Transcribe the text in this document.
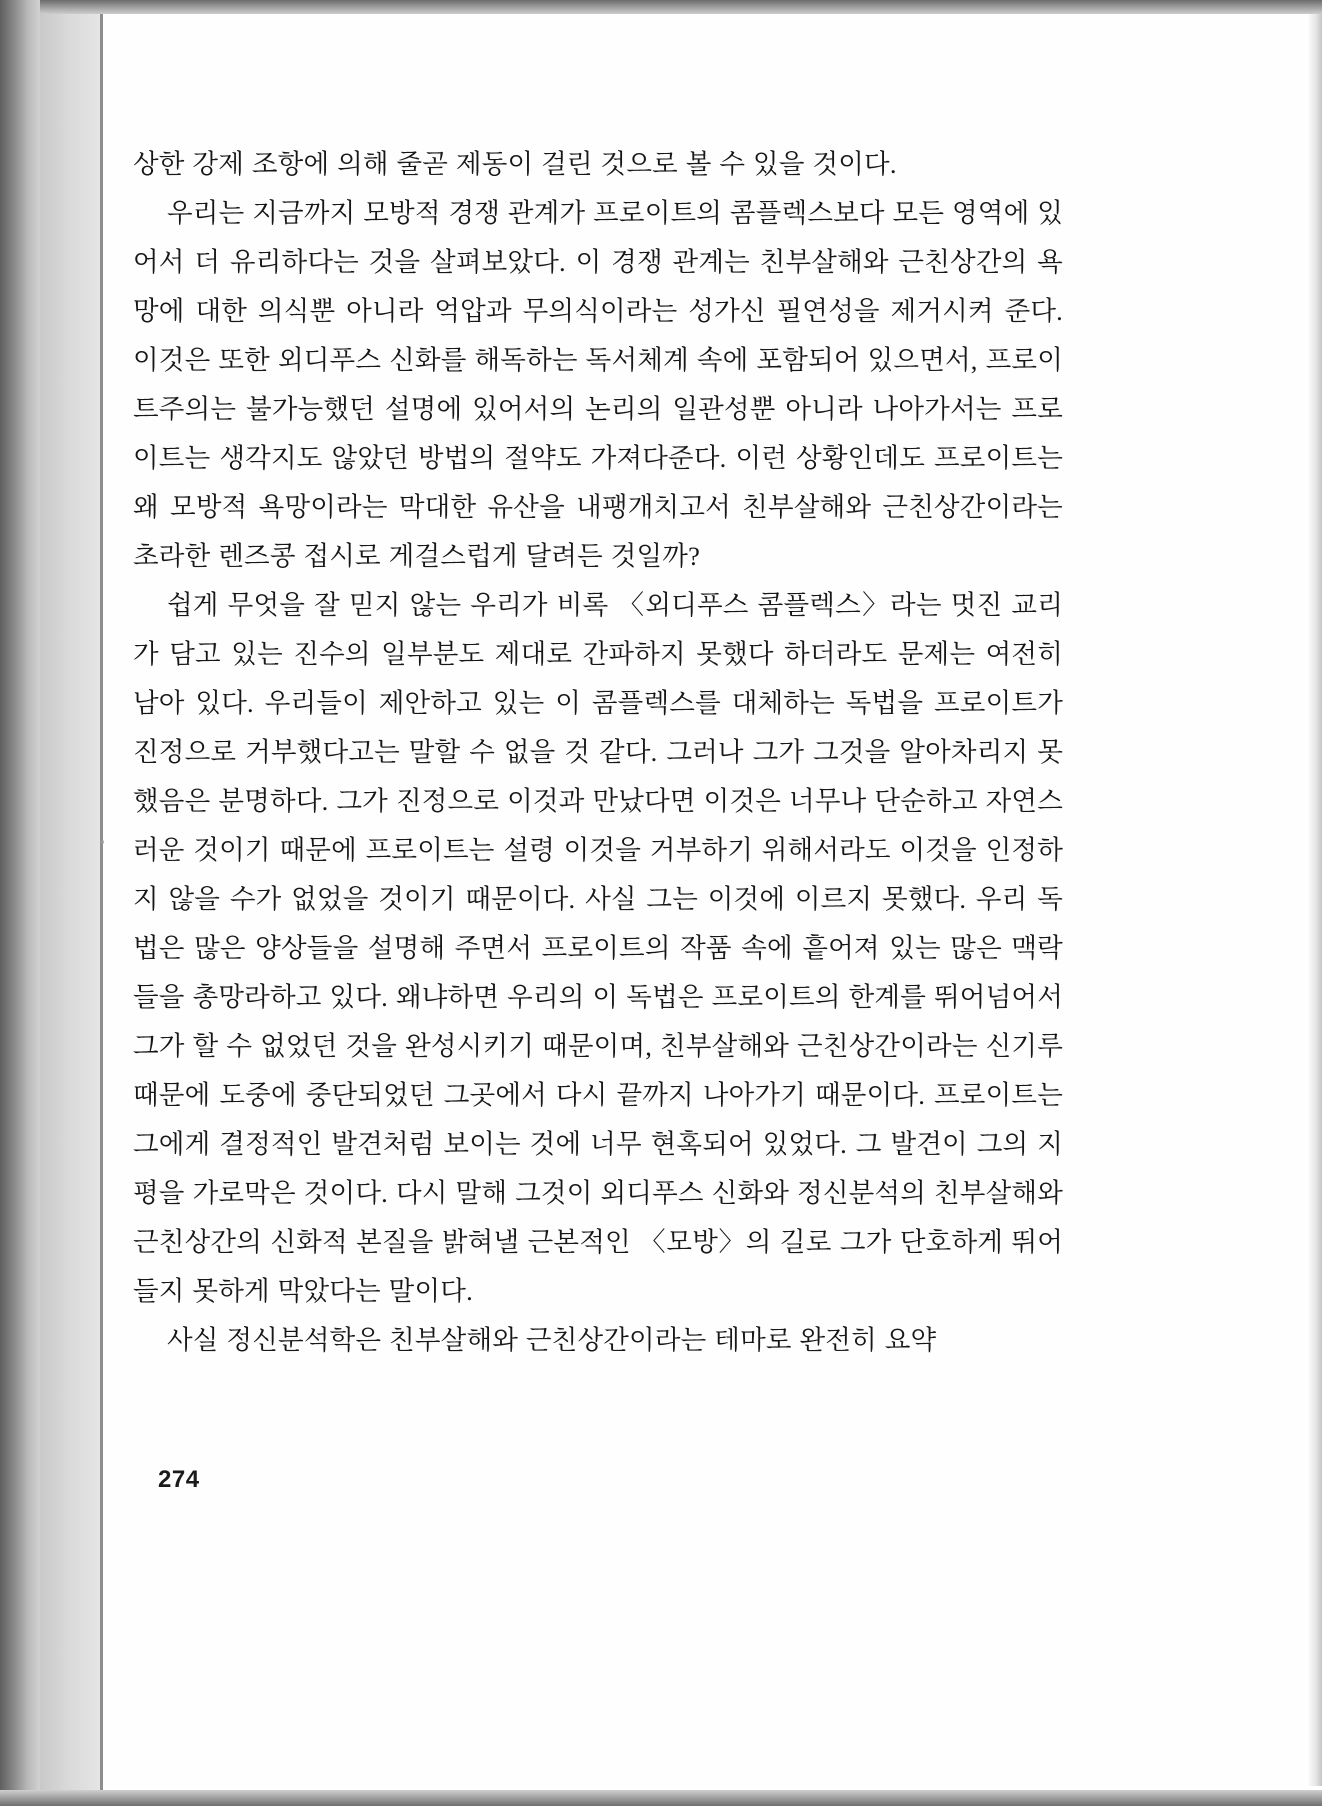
상한 강제 조항에 의해 줄곧 제동이 걸린 것으로 볼 수 있을 것이다.

우리는 지금까지 모방적 경쟁 관계가 프로이트의 콤플렉스보다 모든 영역에 있어서 더 유리하다는 것을 살펴보았다. 이 경쟁 관계는 친부살해와 근친상간의 욕망에 대한 의식뿐 아니라 억압과 무의식이라는 성가신 필연성을 제거시켜 준다. 이것은 또한 외디푸스 신화를 해독하는 독서체계 속에 포함되어 있으면서, 프로이트주의는 불가능했던 설명에 있어서의 논리의 일관성뿐 아니라 나아가서는 프로이트는 생각지도 않았던 방법의 절약도 가져다준다. 이런 상황인데도 프로이트는 왜 모방적 욕망이라는 막대한 유산을 내팽개치고서 친부살해와 근친상간이라는 초라한 렌즈콩 접시로 게걸스럽게 달려든 것일까?

쉽게 무엇을 잘 믿지 않는 우리가 비록 〈외디푸스 콤플렉스〉라는 멋진 교리가 담고 있는 진수의 일부분도 제대로 간파하지 못했다 하더라도 문제는 여전히 남아 있다. 우리들이 제안하고 있는 이 콤플렉스를 대체하는 독법을 프로이트가 진정으로 거부했다고는 말할 수 없을 것 같다. 그러나 그가 그것을 알아차리지 못했음은 분명하다. 그가 진정으로 이것과 만났다면 이것은 너무나 단순하고 자연스러운 것이기 때문에 프로이트는 설령 이것을 거부하기 위해서라도 이것을 인정하지 않을 수가 없었을 것이기 때문이다. 사실 그는 이것에 이르지 못했다. 우리 독법은 많은 양상들을 설명해 주면서 프로이트의 작품 속에 흩어져 있는 많은 맥락들을 총망라하고 있다. 왜냐하면 우리의 이 독법은 프로이트의 한계를 뛰어넘어서 그가 할 수 없었던 것을 완성시키기 때문이며, 친부살해와 근친상간이라는 신기루 때문에 도중에 중단되었던 그곳에서 다시 끝까지 나아가기 때문이다. 프로이트는 그에게 결정적인 발견처럼 보이는 것에 너무 현혹되어 있었다. 그 발견이 그의 지평을 가로막은 것이다. 다시 말해 그것이 외디푸스 신화와 정신분석의 친부살해와 근친상간의 신화적 본질을 밝혀낼 근본적인 〈모방〉의 길로 그가 단호하게 뛰어들지 못하게 막았다는 말이다.

사실 정신분석학은 친부살해와 근친상간이라는 테마로 완전히 요약

274
